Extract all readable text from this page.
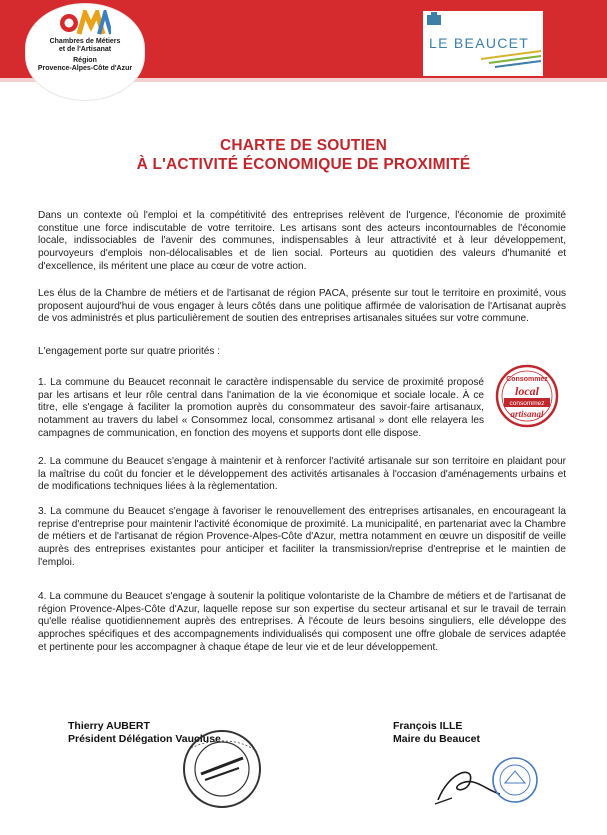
Chambres de Métiers
et de l'Artisanat

Région
Provence-Alpes-Côte d'Azur
LE BEAUCET
CHARTE DE SOUTIEN
À L'ACTIVITÉ ÉCONOMIQUE DE PROXIMITÉ
Dans un contexte où l'emploi et la compétitivité des entreprises relèvent de l'urgence, l'économie de proximité constitue une force indiscutable de votre territoire. Les artisans sont des acteurs incontournables de l'économie locale, indissociables de l'avenir des communes, indispensables à leur attractivité et à leur développement, pourvoyeurs d'emplois non-délocalisables et de lien social. Porteurs au quotidien des valeurs d'humanité et d'excellence, ils méritent une place au cœur de votre action.
Les élus de la Chambre de métiers et de l'artisanat de région PACA, présente sur tout le territoire en proximité, vous proposent aujourd'hui de vous engager à leurs côtés dans une politique affirmée de valorisation de l'Artisanat auprès de vos administrés et plus particulièrement de soutien des entreprises artisanales situées sur votre commune.
L'engagement porte sur quatre priorités :
1. La commune du Beaucet reconnait le caractère indispensable du service de proximité proposé par les artisans et leur rôle central dans l'animation de la vie économique et sociale locale. À ce titre, elle s'engage à faciliter la promotion auprès du consommateur des savoir-faire artisanaux, notamment au travers du label « Consommez local, consommez artisanal » dont elle relayera les campagnes de communication, en fonction des moyens et supports dont elle dispose.
Consommez
local
consommez
artisanal
2. La commune du Beaucet s'engage à maintenir et à renforcer l'activité artisanale sur son territoire en plaidant pour la maîtrise du coût du foncier et le développement des activités artisanales à l'occasion d'aménagements urbains et de modifications techniques liées à la règlementation.
3. La commune du Beaucet s'engage à favoriser le renouvellement des entreprises artisanales, en encourageant la reprise d'entreprise pour maintenir l'activité économique de proximité. La municipalité, en partenariat avec la Chambre de métiers et de l'artisanat de région Provence-Alpes-Côte d'Azur, mettra notamment en œuvre un dispositif de veille auprès des entreprises existantes pour anticiper et faciliter la transmission/reprise d'entreprise et le maintien de l'emploi.
4. La commune du Beaucet s'engage à soutenir la politique volontariste de la Chambre de métiers et de l'artisanat de région Provence-Alpes-Côte d'Azur, laquelle repose sur son expertise du secteur artisanal et sur le travail de terrain qu'elle réalise quotidiennement auprès des entreprises. À l'écoute de leurs besoins singuliers, elle développe des approches spécifiques et des accompagnements individualisés qui composent une offre globale de services adaptée et pertinente pour les accompagner à chaque étape de leur vie et de leur développement.
Thierry AUBERT
Président Délégation Vaucluse
François ILLE
Maire du Beaucet
